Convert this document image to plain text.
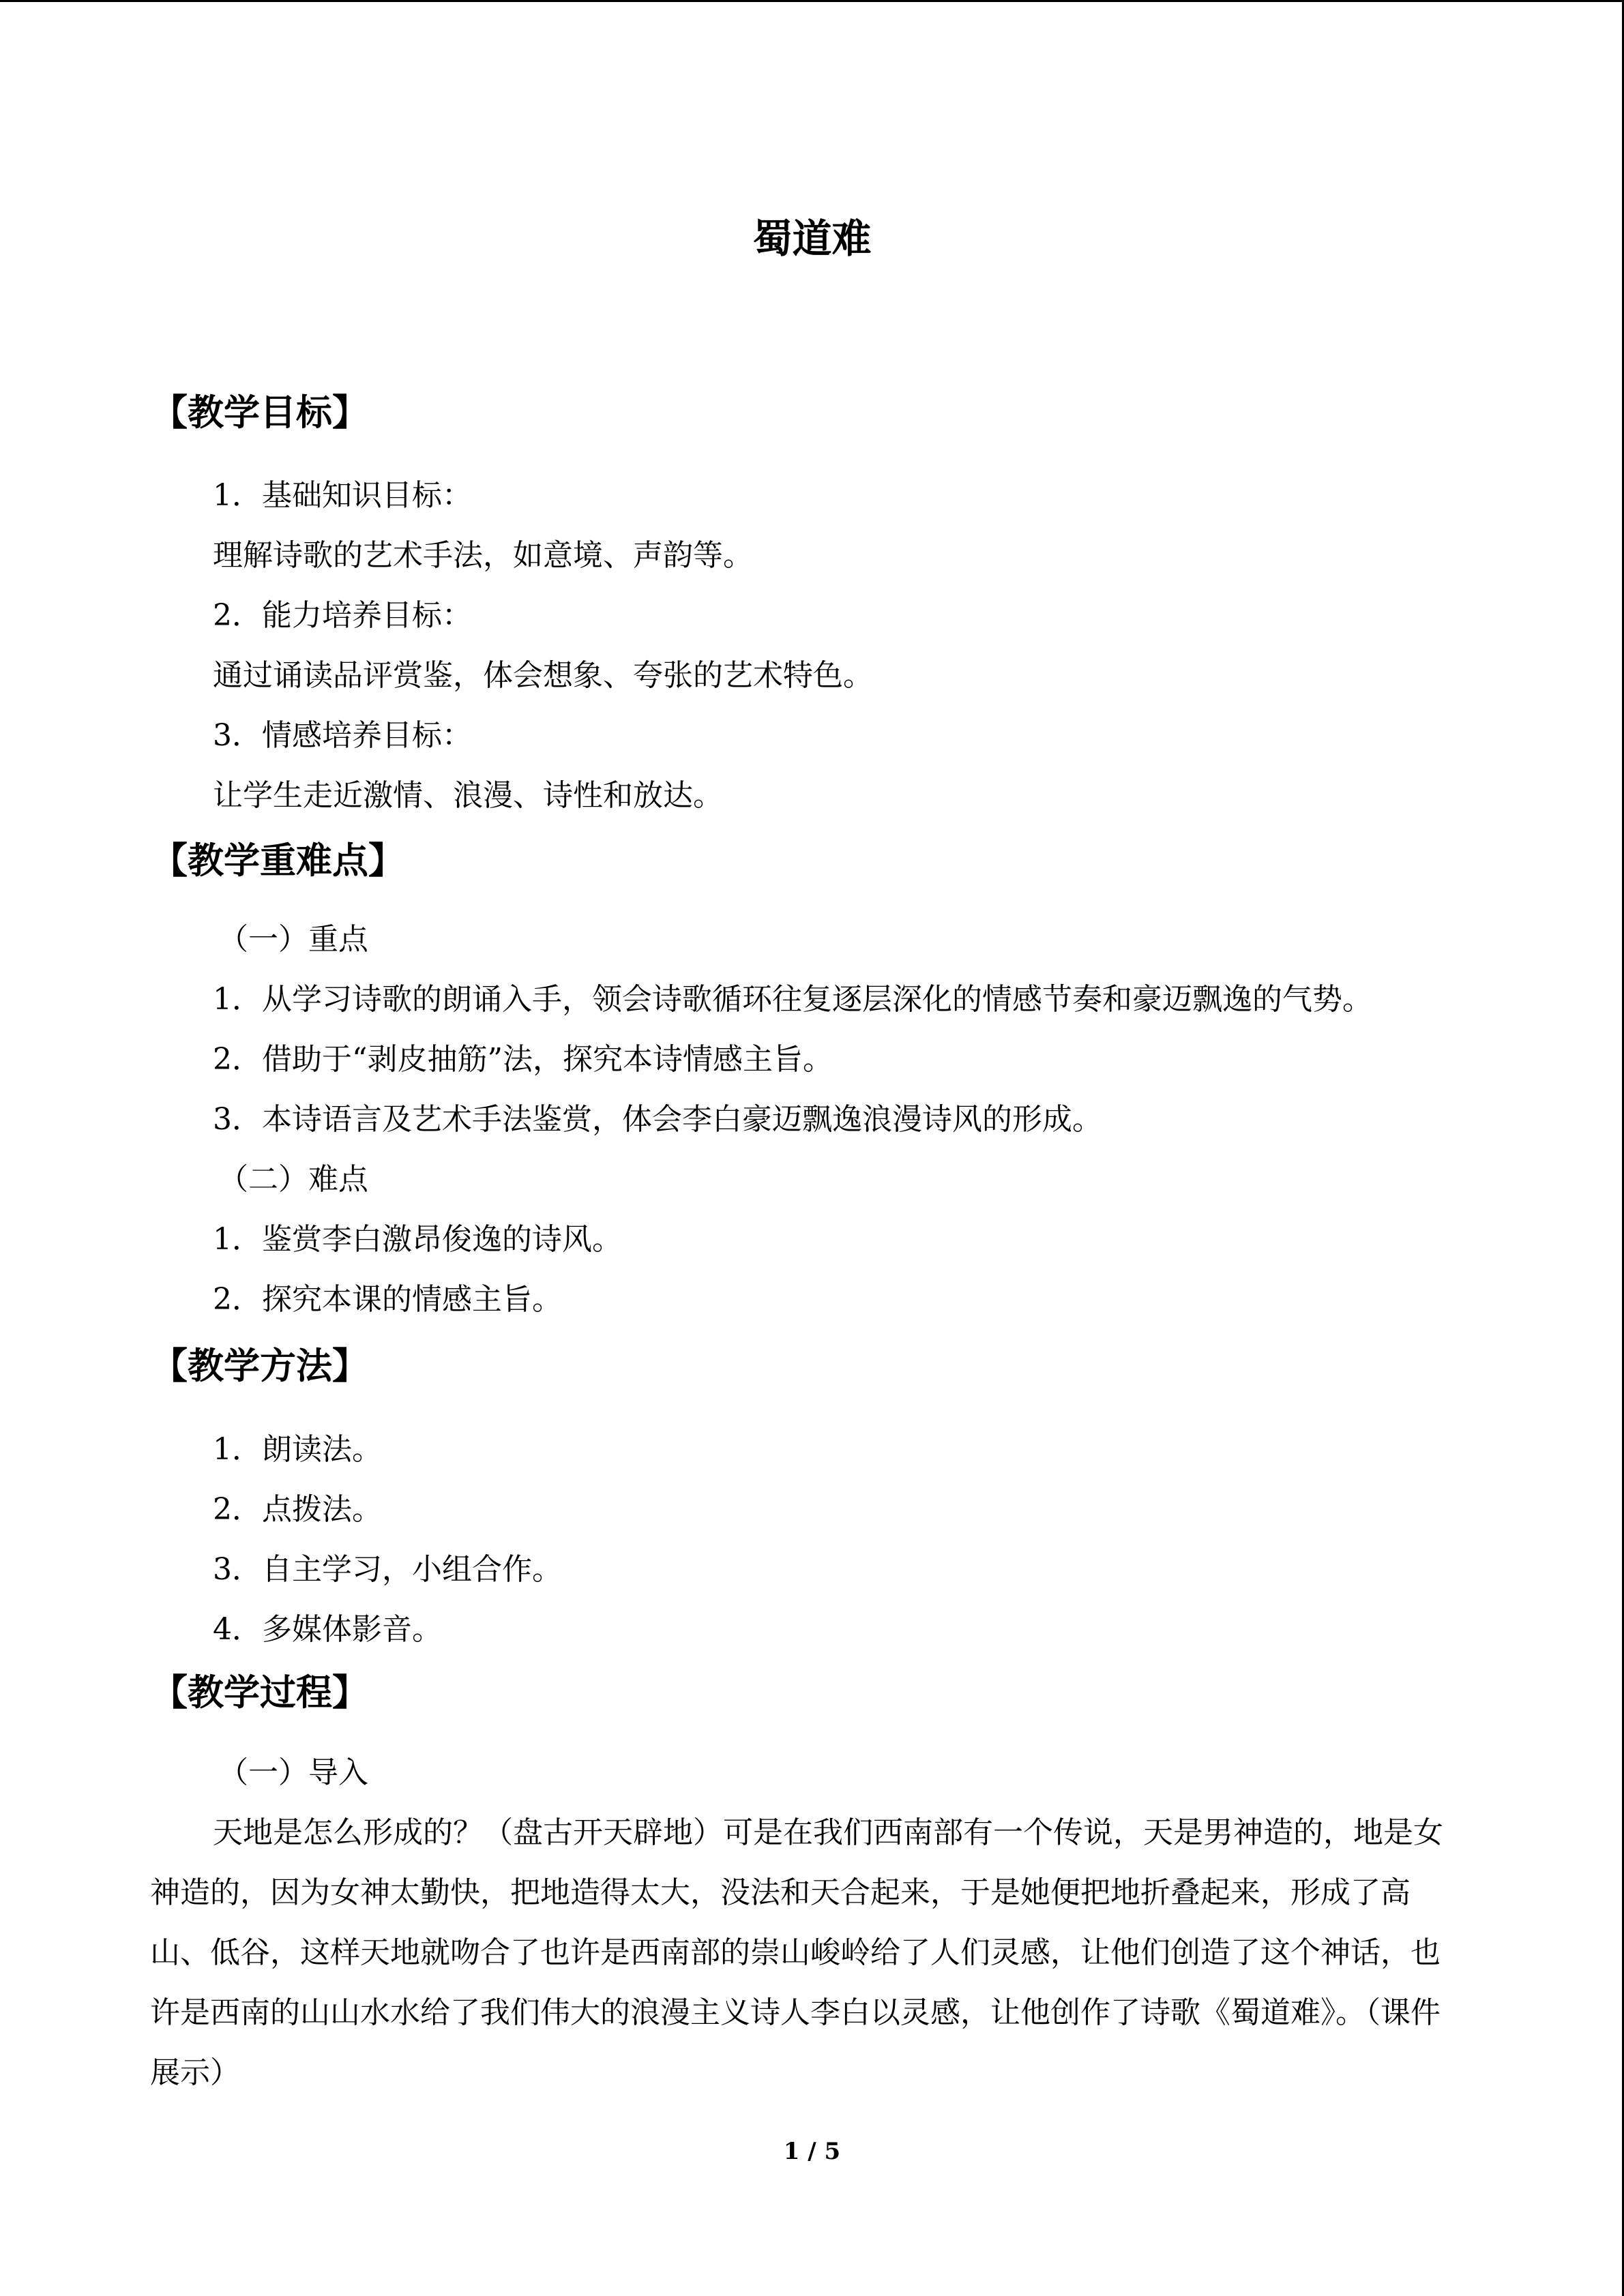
蜀道难
【教学目标】
1．基础知识目标：
理解诗歌的艺术手法，如意境、声韵等。
2．能力培养目标：
通过诵读品评赏鉴，体会想象、夸张的艺术特色。
3．情感培养目标：
让学生走近激情、浪漫、诗性和放达。
【教学重难点】
（一）重点
1．从学习诗歌的朗诵入手，领会诗歌循环往复逐层深化的情感节奏和豪迈飘逸的气势。
2．借助于“剥皮抽筋”法，探究本诗情感主旨。
3．本诗语言及艺术手法鉴赏，体会李白豪迈飘逸浪漫诗风的形成。
（二）难点
1．鉴赏李白激昂俊逸的诗风。
2．探究本课的情感主旨。
【教学方法】
1．朗读法。
2．点拨法。
3．自主学习，小组合作。
4．多媒体影音。
【教学过程】
（一）导入
天地是怎么形成的？（盘古开天辟地）可是在我们西南部有一个传说，天是男神造的，地是女神造的，因为女神太勤快，把地造得太大，没法和天合起来，于是她便把地折叠起来，形成了高山、低谷，这样天地就吻合了也许是西南部的崇山峻岭给了人们灵感，让他们创造了这个神话，也许是西南的山山水水给了我们伟大的浪漫主义诗人李白以灵感，让他创作了诗歌《蜀道难》。（课件展示）
1 / 5
